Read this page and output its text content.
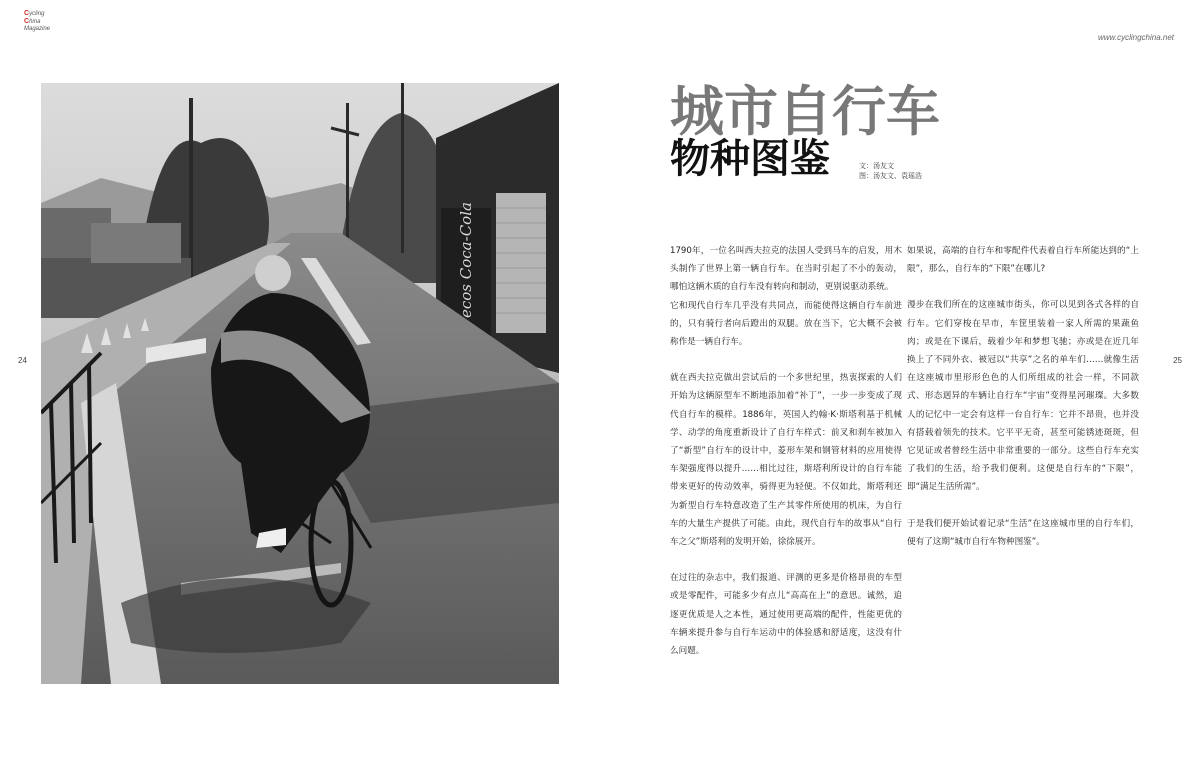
Cycling
China
Magazine
www.cyclingchina.net
24	25
ecos Coca-Cola
城市自行车
物种图鉴	文：汤友文
图：汤友文、袁瑶浩

1790年，一位名叫西夫拉克的法国人受到马车的启发，用木头制作了世界上第一辆自行车。在当时引起了不小的轰动，哪怕这辆木质的自行车没有转向和制动，更别说驱动系统。

它和现代自行车几乎没有共同点，而能使得这辆自行车前进的，只有骑行者向后蹬出的双腿。放在当下，它大概不会被称作是一辆自行车。

就在西夫拉克做出尝试后的一个多世纪里，热衷探索的人们开始为这辆原型车不断地添加着“补丁”，一步一步变成了现代自行车的模样。1886年，英国人约翰·K·斯塔利基于机械学、动学的角度重新设计了自行车样式：前叉和刹车被加入了“新型”自行车的设计中，菱形车架和钢管材料的应用使得车架强度得以提升……相比过往，斯塔利所设计的自行车能带来更好的传动效率，骑得更为轻便。不仅如此，斯塔利还为新型自行车特意改造了生产其零件所使用的机床，为自行车的大量生产提供了可能。由此，现代自行车的故事从“自行车之父”斯塔利的发明开始，徐徐展开。

在过往的杂志中，我们报道、评测的更多是价格昂贵的车型或是零配件，可能多少有点儿“高高在上”的意思。诚然，追逐更优质是人之本性，通过使用更高端的配件，性能更优的车辆来提升参与自行车运动中的体验感和舒适度，这没有什么问题。

如果说，高端的自行车和零配件代表着自行车所能达到的“上限”，那么，自行车的“下限”在哪儿?

漫步在我们所在的这座城市街头，你可以见到各式各样的自行车。它们穿梭在早市，车筐里装着一家人所需的果蔬鱼肉；或是在下课后，载着少年和梦想飞驰；亦或是在近几年换上了不同外衣、被冠以“共享”之名的单车们……就像生活在这座城市里形形色色的人们所组成的社会一样，不同款式、形态迥异的车辆让自行车“宇宙”变得星河璀璨。大多数人的记忆中一定会有这样一台自行车：它并不昂贵，也并没有搭载着领先的技术。它平平无奇，甚至可能锈迹斑斑，但它见证或者曾经生活中非常重要的一部分。这些自行车充实了我们的生活，给予我们便利。这便是自行车的“下限”，即“满足生活所需”。

于是我们便开始试着记录“生活”在这座城市里的自行车们，便有了这期“城市自行车物种图鉴”。
